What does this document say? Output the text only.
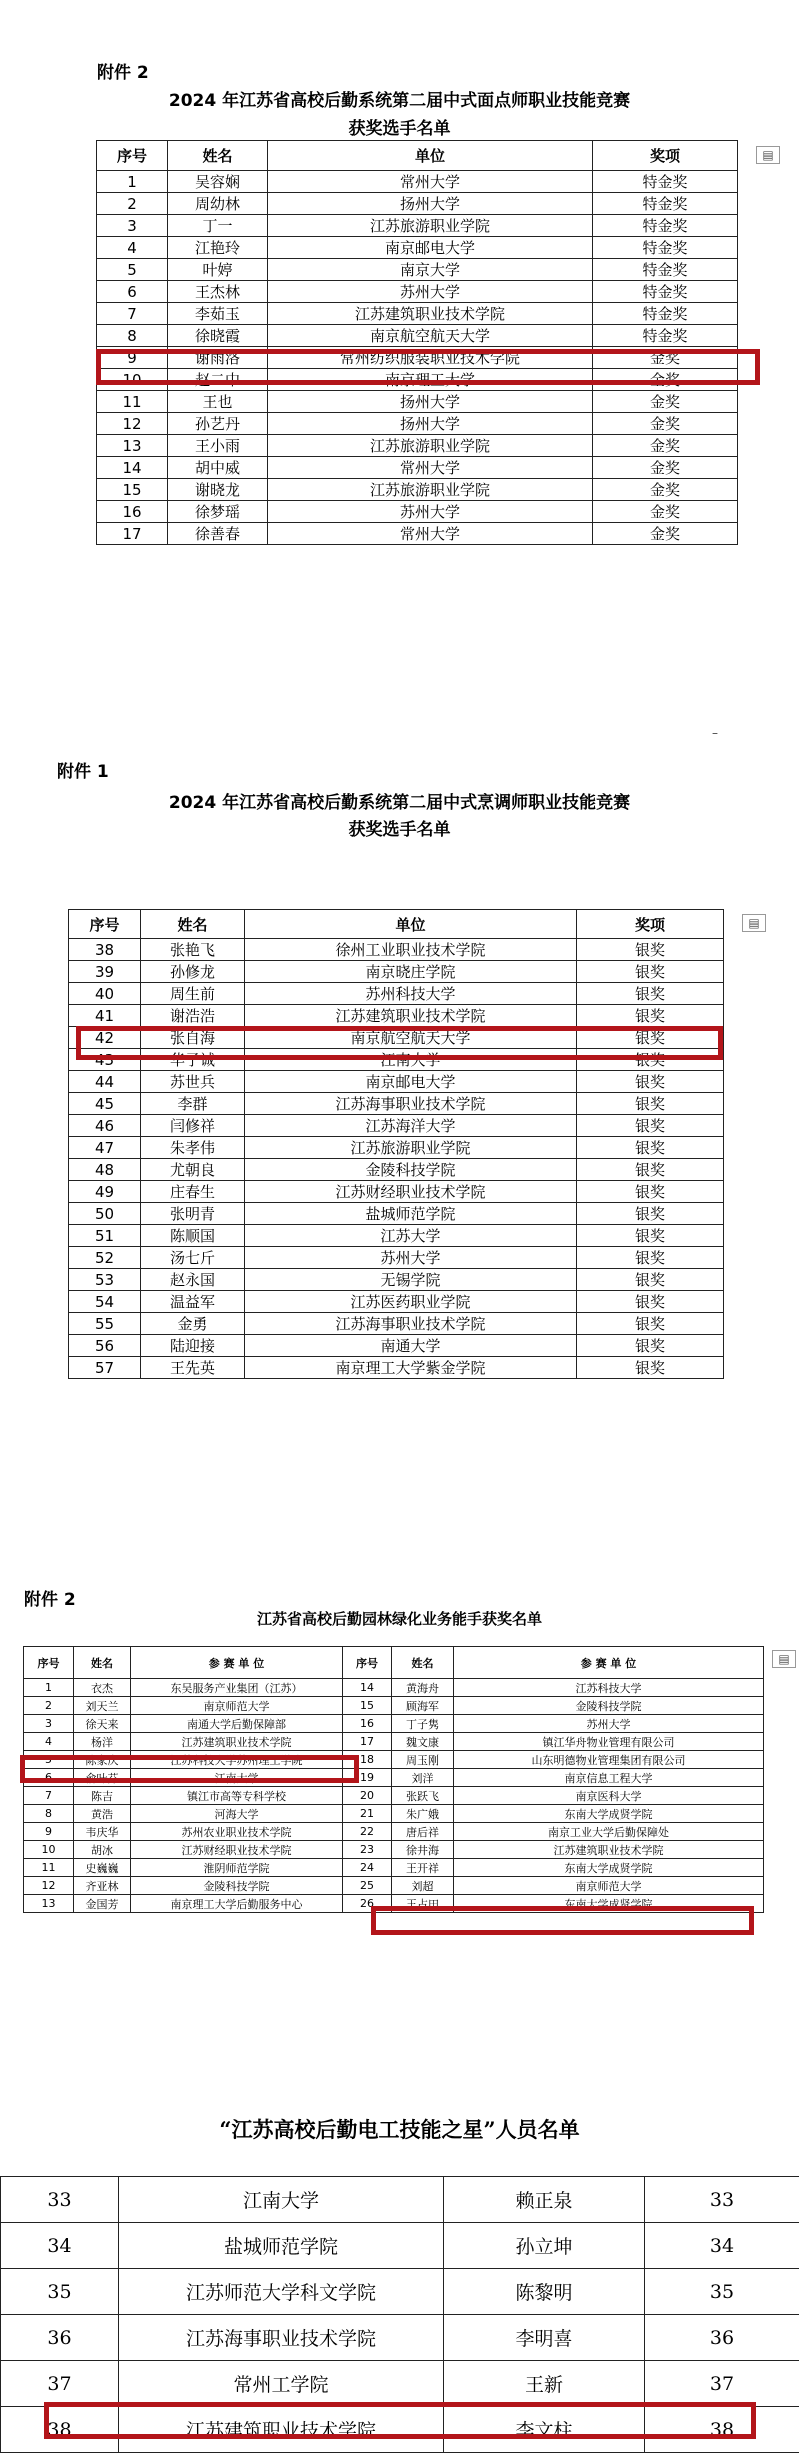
附件 2
2024 年江苏省高校后勤系统第二届中式面点师职业技能竞赛
获奖选手名单
序号	姓名	单位	奖项
1	吴容娴	常州大学	特金奖
2	周幼林	扬州大学	特金奖
3	丁一	江苏旅游职业学院	特金奖
4	江艳玲	南京邮电大学	特金奖
5	叶婷	南京大学	特金奖
6	王杰林	苏州大学	特金奖
7	李茹玉	江苏建筑职业技术学院	特金奖
8	徐晓霞	南京航空航天大学	特金奖
9	谢雨洛	常州纺织服装职业技术学院	金奖
10	赵二中	南京理工大学	金奖
11	王也	扬州大学	金奖
12	孙艺丹	扬州大学	金奖
13	王小雨	江苏旅游职业学院	金奖
14	胡中威	常州大学	金奖
15	谢晓龙	江苏旅游职业学院	金奖
16	徐梦瑶	苏州大学	金奖
17	徐善春	常州大学	金奖
▤
–
附件 1
2024 年江苏省高校后勤系统第二届中式烹调师职业技能竞赛
获奖选手名单
序号	姓名	单位	奖项
38	张艳飞	徐州工业职业技术学院	银奖
39	孙修龙	南京晓庄学院	银奖
40	周生前	苏州科技大学	银奖
41	谢浩浩	江苏建筑职业技术学院	银奖
42	张自海	南京航空航天大学	银奖
43	华子诚	江南大学	银奖
44	苏世兵	南京邮电大学	银奖
45	李群	江苏海事职业技术学院	银奖
46	闫修祥	江苏海洋大学	银奖
47	朱孝伟	江苏旅游职业学院	银奖
48	尤朝良	金陵科技学院	银奖
49	庄春生	江苏财经职业技术学院	银奖
50	张明青	盐城师范学院	银奖
51	陈顺国	江苏大学	银奖
52	汤七斤	苏州大学	银奖
53	赵永国	无锡学院	银奖
54	温益军	江苏医药职业学院	银奖
55	金勇	江苏海事职业技术学院	银奖
56	陆迎接	南通大学	银奖
57	王先英	南京理工大学紫金学院	银奖
▤
附件 2
江苏省高校后勤园林绿化业务能手获奖名单
序号	姓名	参 赛 单 位	序号	姓名	参 赛 单 位
1	衣杰	东吴服务产业集团（江苏）	14	黄海舟	江苏科技大学
2	刘天兰	南京师范大学	15	顾海军	金陵科技学院
3	徐天来	南通大学后勤保障部	16	丁子隽	苏州大学
4	杨洋	江苏建筑职业技术学院	17	魏文康	镇江华舟物业管理有限公司
5	陈家庆	江苏科技大学苏州理工学院	18	周玉刚	山东明德物业管理集团有限公司
6	俞叶芬	江南大学	19	刘洋	南京信息工程大学
7	陈吉	镇江市高等专科学校	20	张跃飞	南京医科大学
8	黄浩	河海大学	21	朱广娥	东南大学成贤学院
9	韦庆华	苏州农业职业技术学院	22	唐后祥	南京工业大学后勤保障处
10	胡冰	江苏财经职业技术学院	23	徐井海	江苏建筑职业技术学院
11	史巍巍	淮阴师范学院	24	王开祥	东南大学成贤学院
12	齐亚林	金陵科技学院	25	刘超	南京师范大学
13	金国芳	南京理工大学后勤服务中心	26	王占田	东南大学成贤学院
▤
“江苏高校后勤电工技能之星”人员名单
33	江南大学	赖正泉	33
34	盐城师范学院	孙立坤	34
35	江苏师范大学科文学院	陈黎明	35
36	江苏海事职业技术学院	李明喜	36
37	常州工学院	王新	37
38	江苏建筑职业技术学院	李文柱	38
